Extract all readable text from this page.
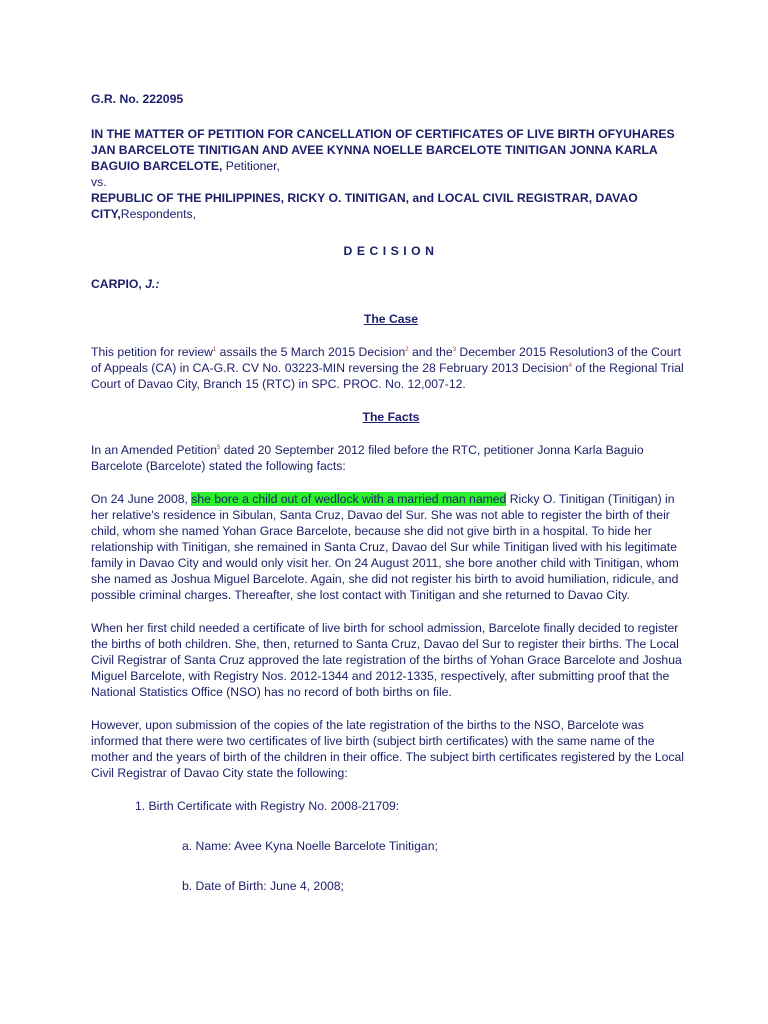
G.R. No. 222095
IN THE MATTER OF PETITION FOR CANCELLATION OF CERTIFICATES OF LIVE BIRTH OFYUHARES JAN BARCELOTE TINITIGAN AND AVEE KYNNA NOELLE BARCELOTE TINITIGAN JONNA KARLA BAGUIO BARCELOTE, Petitioner,
vs.
REPUBLIC OF THE PHILIPPINES, RICKY O. TINITIGAN, and LOCAL CIVIL REGISTRAR, DAVAO CITY,Respondents,
DECISION
CARPIO, J.:
The Case

This petition for review$^1$ assails the 5 March 2015 Decision$^2$ and the$^3$ December 2015 Resolution3 of the Court of Appeals (CA) in CA-G.R. CV No. 03223-MIN reversing the 28 February 2013 Decision$^4$ of the Regional Trial Court of Davao City, Branch 15 (RTC) in SPC. PROC. No. 12,007-12.

The Facts

In an Amended Petition$^5$ dated 20 September 2012 filed before the RTC, petitioner Jonna Karla Baguio Barcelote (Barcelote) stated the following facts:

On 24 June 2008, she bore a child out of wedlock with a married man named Ricky O. Tinitigan (Tinitigan) in her relative's residence in Sibulan, Santa Cruz, Davao del Sur. She was not able to register the birth of their child, whom she named Yohan Grace Barcelote, because she did not give birth in a hospital. To hide her relationship with Tinitigan, she remained in Santa Cruz, Davao del Sur while Tinitigan lived with his legitimate family in Davao City and would only visit her. On 24 August 2011, she bore another child with Tinitigan, whom she named as Joshua Miguel Barcelote. Again, she did not register his birth to avoid humiliation, ridicule, and possible criminal charges. Thereafter, she lost contact with Tinitigan and she returned to Davao City.

When her first child needed a certificate of live birth for school admission, Barcelote finally decided to register the births of both children. She, then, returned to Santa Cruz, Davao del Sur to register their births. The Local Civil Registrar of Santa Cruz approved the late registration of the births of Yohan Grace Barcelote and Joshua Miguel Barcelote, with Registry Nos. 2012-1344 and 2012-1335, respectively, after submitting proof that the National Statistics Office (NSO) has no record of both births on file.

However, upon submission of the copies of the late registration of the births to the NSO, Barcelote was informed that there were two certificates of live birth (subject birth certificates) with the same name of the mother and the years of birth of the children in their office. The subject birth certificates registered by the Local Civil Registrar of Davao City state the following:

1. Birth Certificate with Registry No. 2008-21709:
a. Name: Avee Kyna Noelle Barcelote Tinitigan;
b. Date of Birth: June 4, 2008;
